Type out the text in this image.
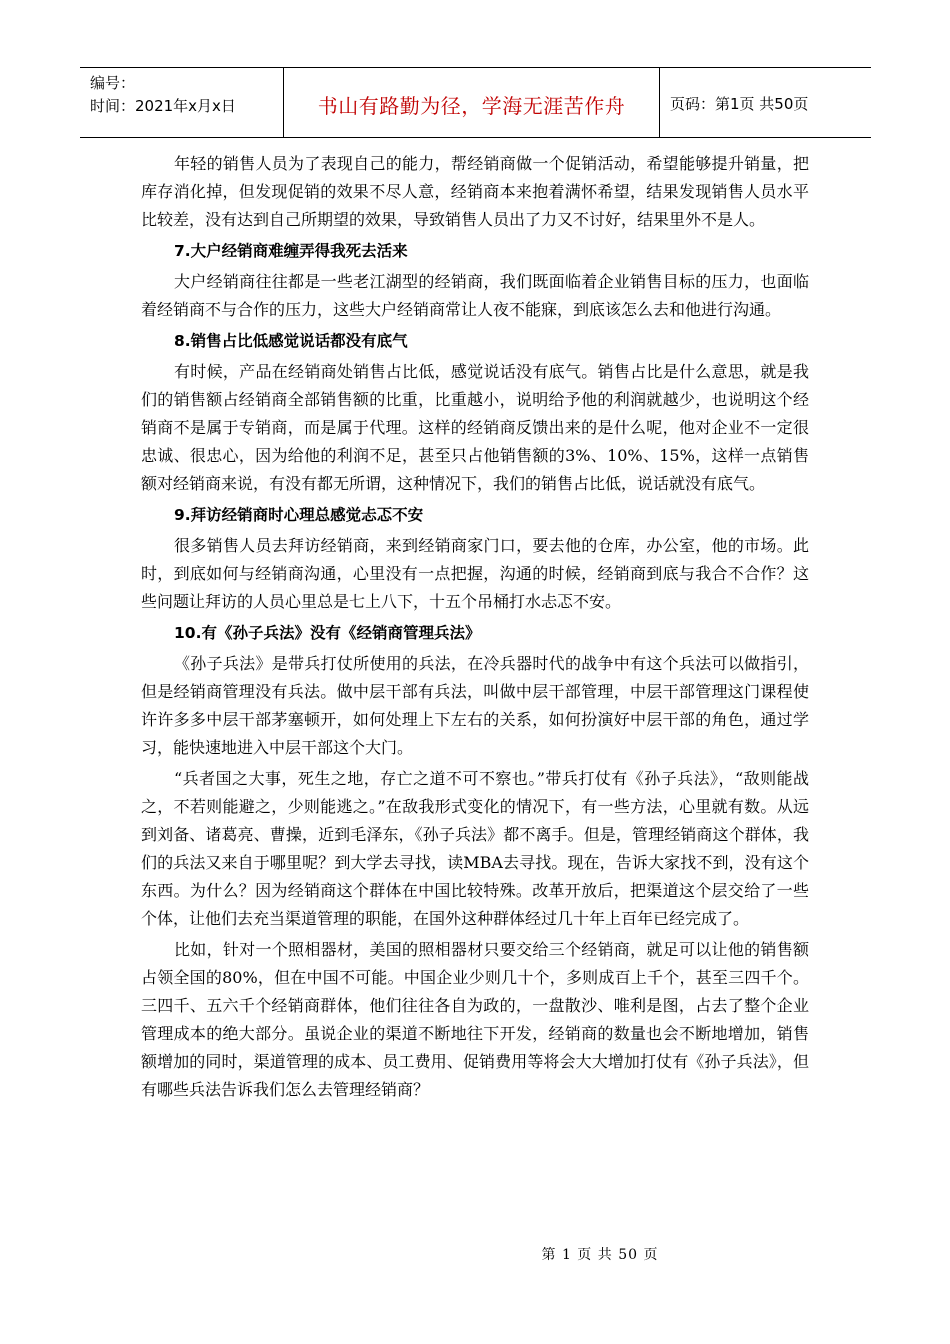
编号：
时间：2021年x月x日	书山有路勤为径，学海无涯苦作舟	页码：第1页 共50页

年轻的销售人员为了表现自己的能力，帮经销商做一个促销活动，希望能够提升销量，把库存消化掉，但发现促销的效果不尽人意，经销商本来抱着满怀希望，结果发现销售人员水平比较差，没有达到自己所期望的效果，导致销售人员出了力又不讨好，结果里外不是人。

7.大户经销商难缠弄得我死去活来

大户经销商往往都是一些老江湖型的经销商，我们既面临着企业销售目标的压力，也面临着经销商不与合作的压力，这些大户经销商常让人夜不能寐，到底该怎么去和他进行沟通。

8.销售占比低感觉说话都没有底气

有时候，产品在经销商处销售占比低，感觉说话没有底气。销售占比是什么意思，就是我们的销售额占经销商全部销售额的比重，比重越小，说明给予他的利润就越少，也说明这个经销商不是属于专销商，而是属于代理。这样的经销商反馈出来的是什么呢，他对企业不一定很忠诚、很忠心，因为给他的利润不足，甚至只占他销售额的3%、10%、15%，这样一点销售额对经销商来说，有没有都无所谓，这种情况下，我们的销售占比低，说话就没有底气。

9.拜访经销商时心理总感觉忐忑不安

很多销售人员去拜访经销商，来到经销商家门口，要去他的仓库，办公室，他的市场。此时，到底如何与经销商沟通，心里没有一点把握，沟通的时候，经销商到底与我合不合作？这些问题让拜访的人员心里总是七上八下，十五个吊桶打水忐忑不安。

10.有《孙子兵法》没有《经销商管理兵法》

《孙子兵法》是带兵打仗所使用的兵法，在冷兵器时代的战争中有这个兵法可以做指引，但是经销商管理没有兵法。做中层干部有兵法，叫做中层干部管理，中层干部管理这门课程使许许多多中层干部茅塞顿开，如何处理上下左右的关系，如何扮演好中层干部的角色，通过学习，能快速地进入中层干部这个大门。

“兵者国之大事，死生之地，存亡之道不可不察也。”带兵打仗有《孙子兵法》，“敌则能战之，不若则能避之，少则能逃之。”在敌我形式变化的情况下，有一些方法，心里就有数。从远到刘备、诸葛亮、曹操，近到毛泽东，《孙子兵法》都不离手。但是，管理经销商这个群体，我们的兵法又来自于哪里呢？到大学去寻找，读MBA去寻找。现在，告诉大家找不到，没有这个东西。为什么？因为经销商这个群体在中国比较特殊。改革开放后，把渠道这个层交给了一些个体，让他们去充当渠道管理的职能，在国外这种群体经过几十年上百年已经完成了。

比如，针对一个照相器材，美国的照相器材只要交给三个经销商，就足可以让他的销售额占领全国的80%，但在中国不可能。中国企业少则几十个，多则成百上千个，甚至三四千个。三四千、五六千个经销商群体，他们往往各自为政的，一盘散沙、唯利是图，占去了整个企业管理成本的绝大部分。虽说企业的渠道不断地往下开发，经销商的数量也会不断地增加，销售额增加的同时，渠道管理的成本、员工费用、促销费用等将会大大增加打仗有《孙子兵法》，但有哪些兵法告诉我们怎么去管理经销商？

第 1 页 共 50 页
